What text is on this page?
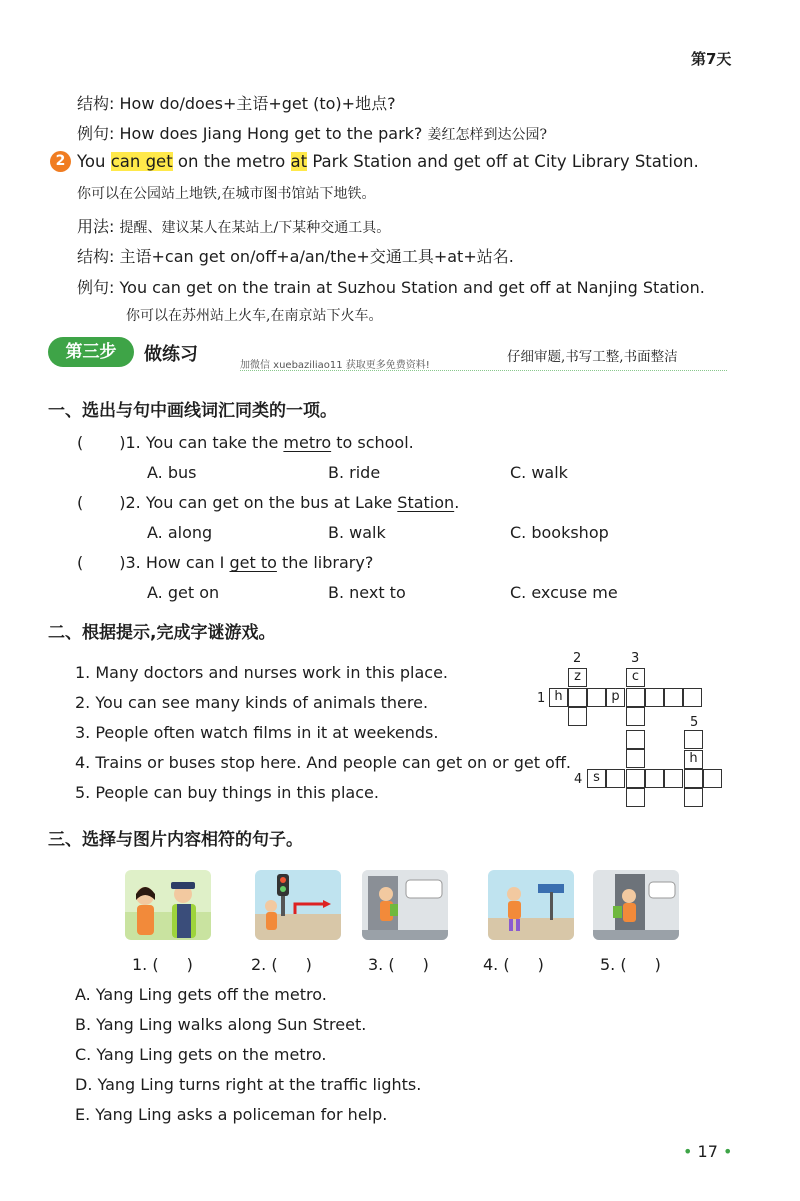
第7天
结构: How do/does+主语+get (to)+地点?
例句: How does Jiang Hong get to the park? 姜红怎样到达公园?
2 You can get on the metro at Park Station and get off at City Library Station.
你可以在公园站上地铁,在城市图书馆站下地铁。
用法: 提醒、建议某人在某站上/下某种交通工具。
结构: 主语+can get on/off+a/an/the+交通工具+at+站名.
例句: You can get on the train at Suzhou Station and get off at Nanjing Station.
你可以在苏州站上火车,在南京站下火车。
第三步	做练习
加微信 xuebaziliao11 获取更多免费资料!
仔细审题,书写工整,书面整洁
一、选出与句中画线词汇同类的一项。
( )1. You can take the metro to school.
A. bus	B. ride	C. walk
( )2. You can get on the bus at Lake Station.
A. along	B. walk	C. bookshop
( )3. How can I get to the library?
A. get on	B. next to	C. excuse me
二、根据提示,完成字谜游戏。
1. Many doctors and nurses work in this place.
2. You can see many kinds of animals there.
3. People often watch films in it at weekends.
4. Trains or buses stop here. And people can get on or get off.
5. People can buy things in this place.
1
2	3
4
5
z	c
h	p
h
s
三、选择与图片内容相符的句子。
1. ( )	2. ( )	3. ( )	4. ( )	5. ( )
A. Yang Ling gets off the metro.
B. Yang Ling walks along Sun Street.
C. Yang Ling gets on the metro.
D. Yang Ling turns right at the traffic lights.
E. Yang Ling asks a policeman for help.
• 17 •
